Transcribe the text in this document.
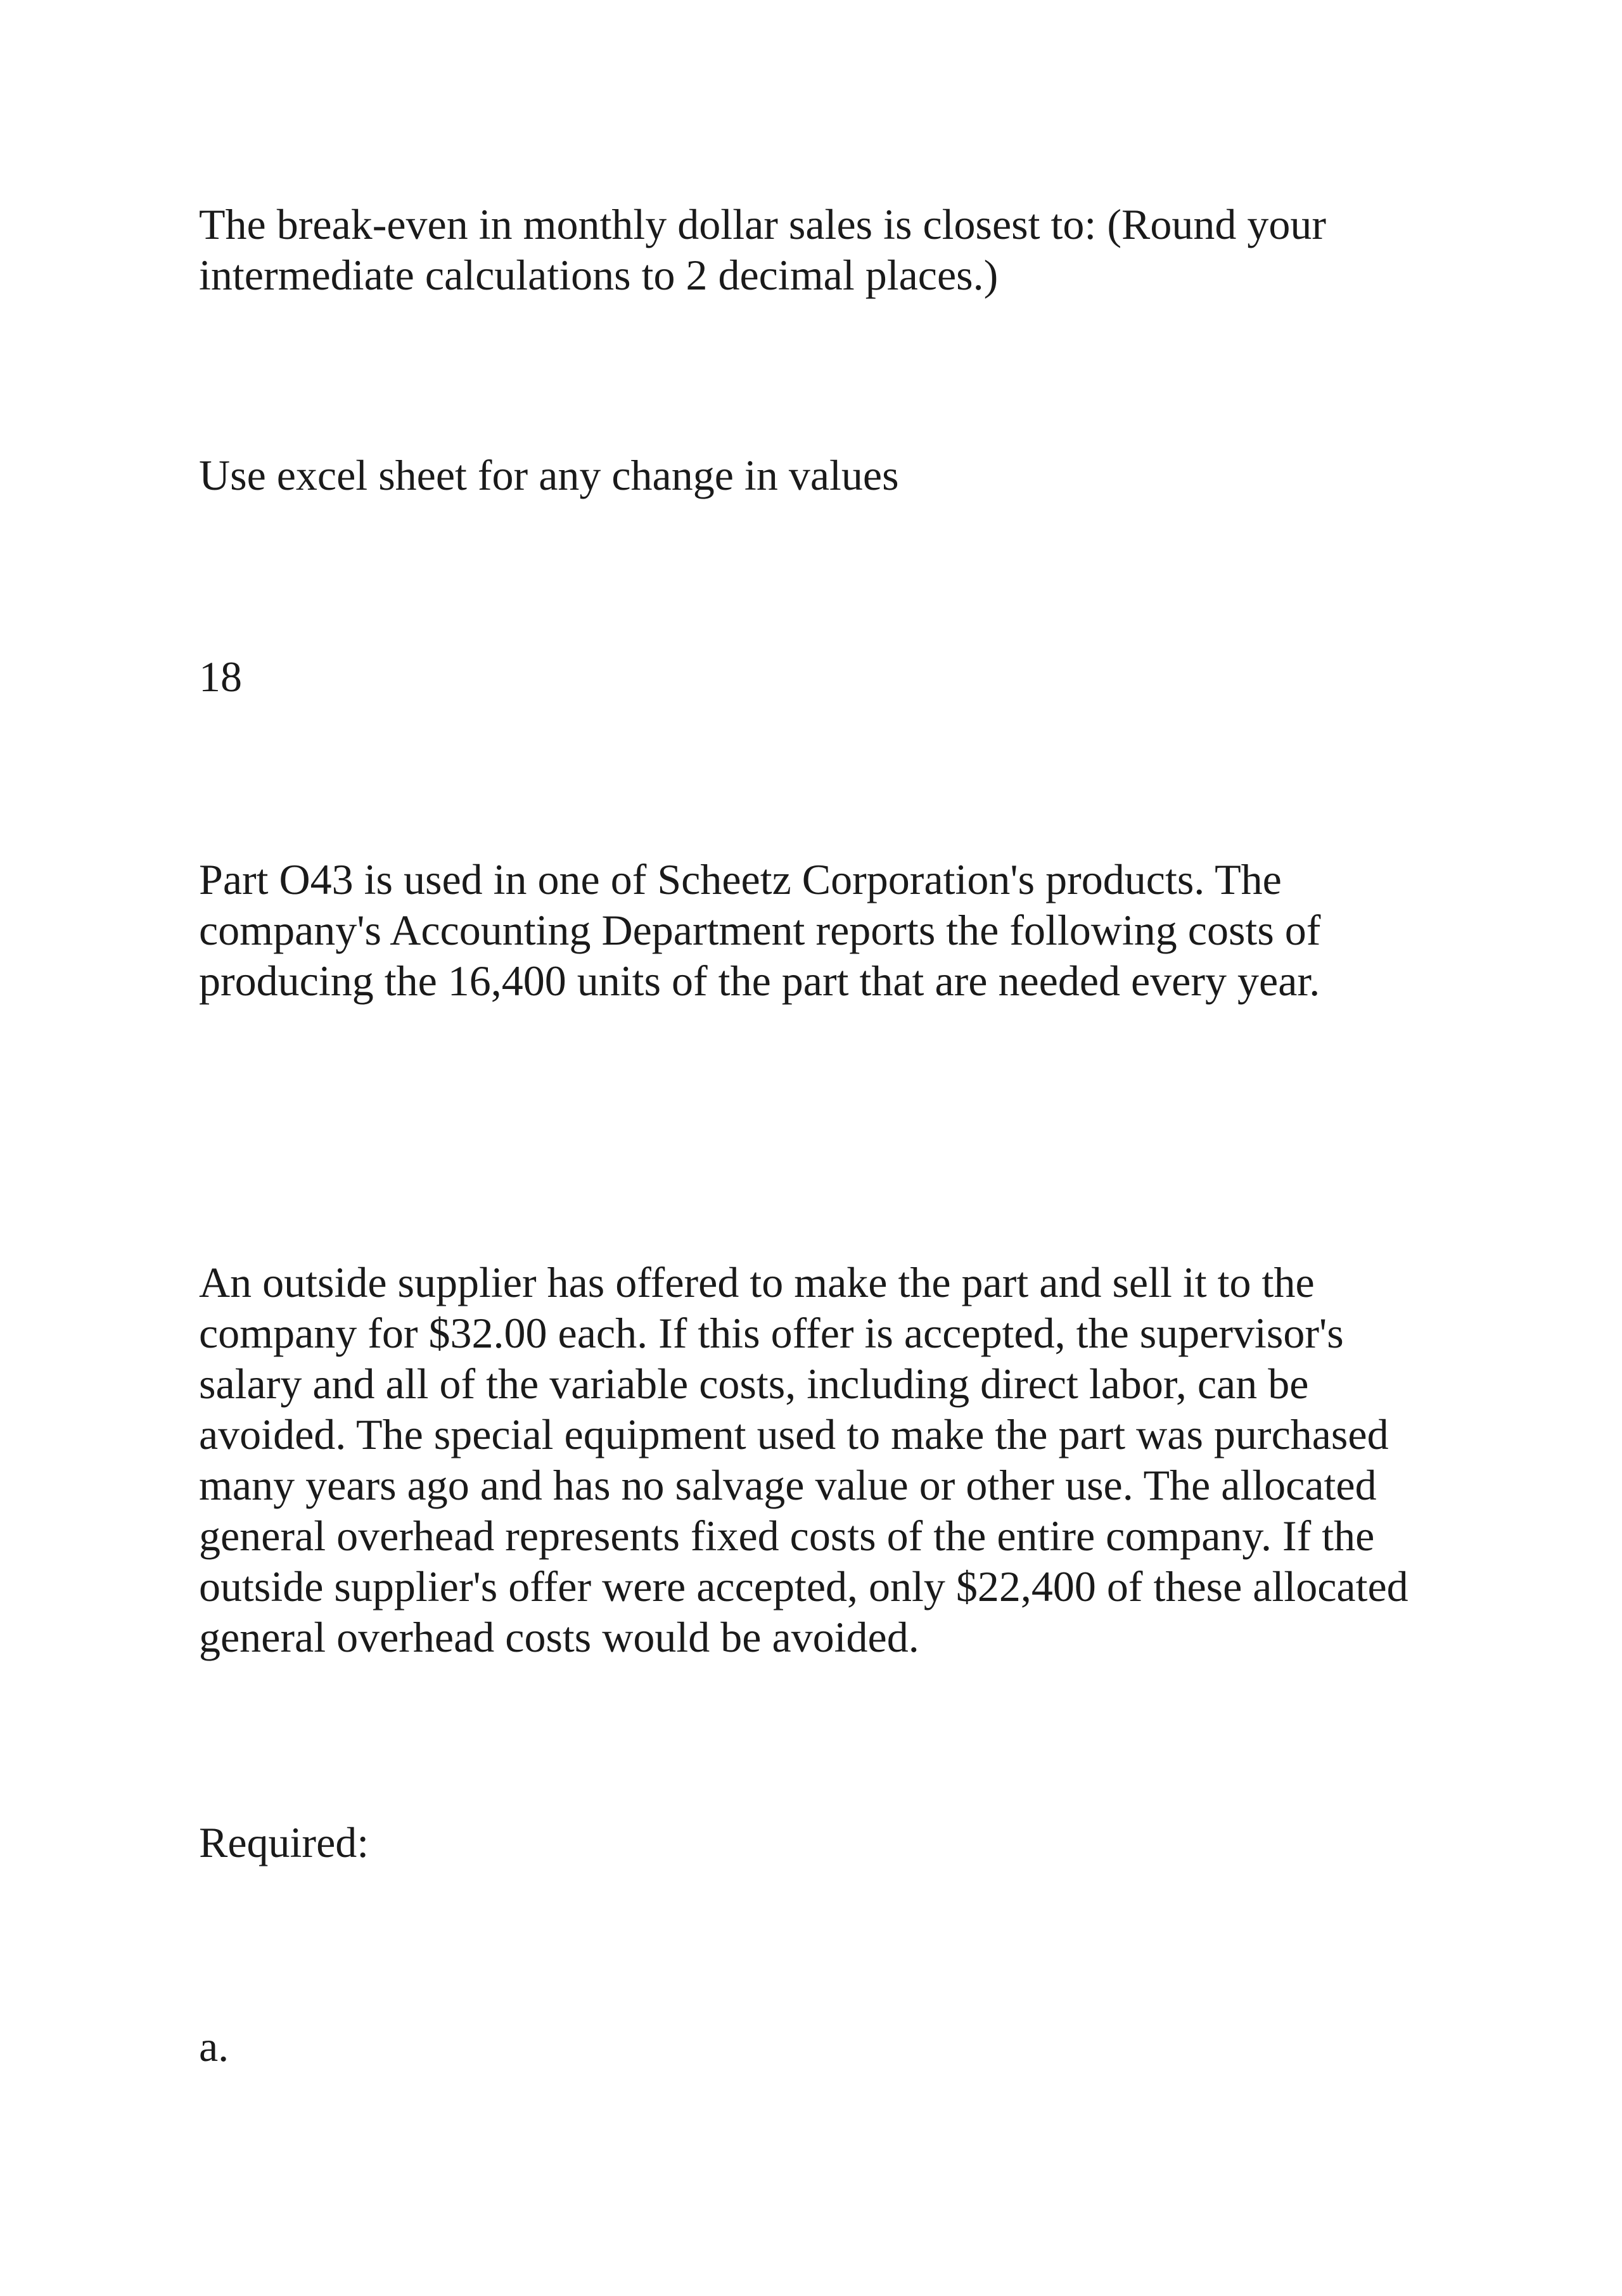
The break-even in monthly dollar sales is closest to: (Round your
intermediate calculations to 2 decimal places.)

Use excel sheet for any change in values

18

Part O43 is used in one of Scheetz Corporation's products. The
company's Accounting Department reports the following costs of
producing the 16,400 units of the part that are needed every year.

An outside supplier has offered to make the part and sell it to the
company for $32.00 each. If this offer is accepted, the supervisor's
salary and all of the variable costs, including direct labor, can be
avoided. The special equipment used to make the part was purchased
many years ago and has no salvage value or other use. The allocated
general overhead represents fixed costs of the entire company. If the
outside supplier's offer were accepted, only $22,400 of these allocated
general overhead costs would be avoided.

Required:

a.
